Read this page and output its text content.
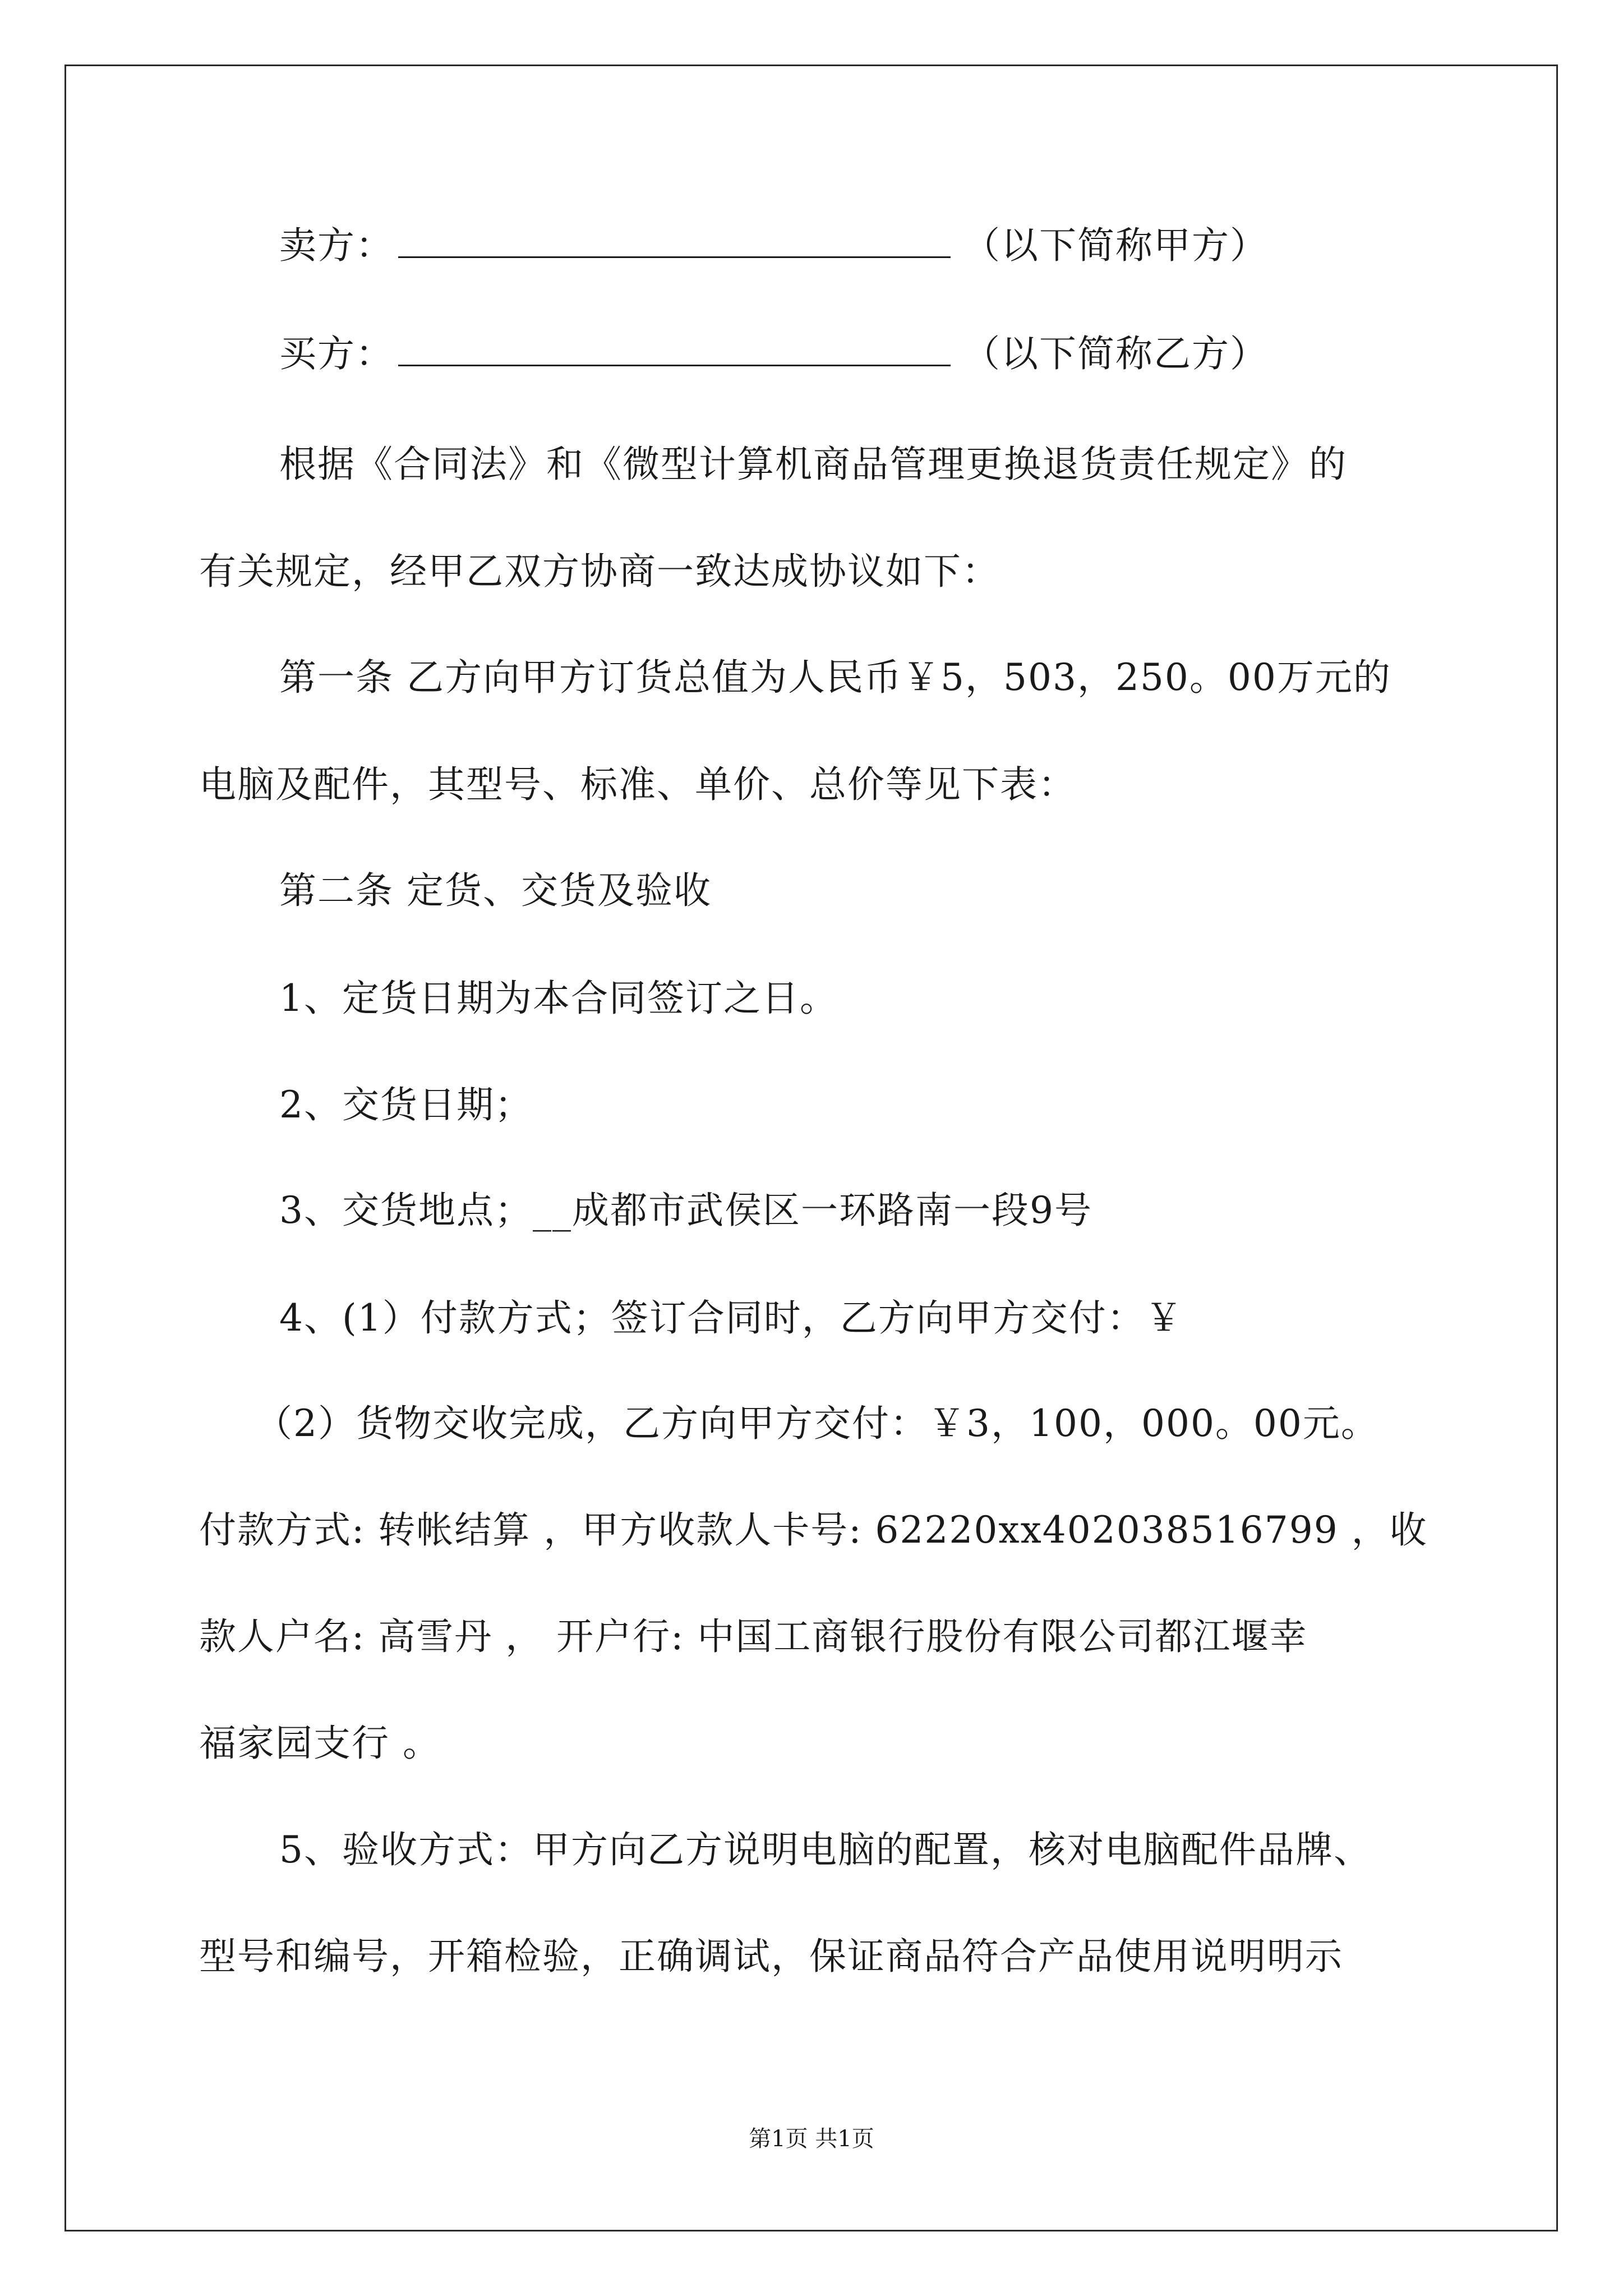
卖方：	（以下简称甲方）
买方：	（以下简称乙方）
根据《合同法》和《微型计算机商品管理更换退货责任规定》的
有关规定，经甲乙双方协商一致达成协议如下：
第一条 乙方向甲方订货总值为人民币￥5，503，250。00万元的
电脑及配件，其型号、标准、单价、总价等见下表：
第二条 定货、交货及验收
1、定货日期为本合同签订之日。
2、交货日期；
3、交货地点；__成都市武侯区一环路南一段9号
4、(1）付款方式；签订合同时，乙方向甲方交付：￥
（2）货物交收完成，乙方向甲方交付：￥3，100，000。00元。
付款方式: 转帐结算 ，甲方收款人卡号: 62220xx402038516799 ，收
款人户名: 高雪丹 ， 开户行: 中国工商银行股份有限公司都江堰幸
福家园支行 。
5、验收方式：甲方向乙方说明电脑的配置，核对电脑配件品牌、
型号和编号，开箱检验，正确调试，保证商品符合产品使用说明明示
第1页 共1页
